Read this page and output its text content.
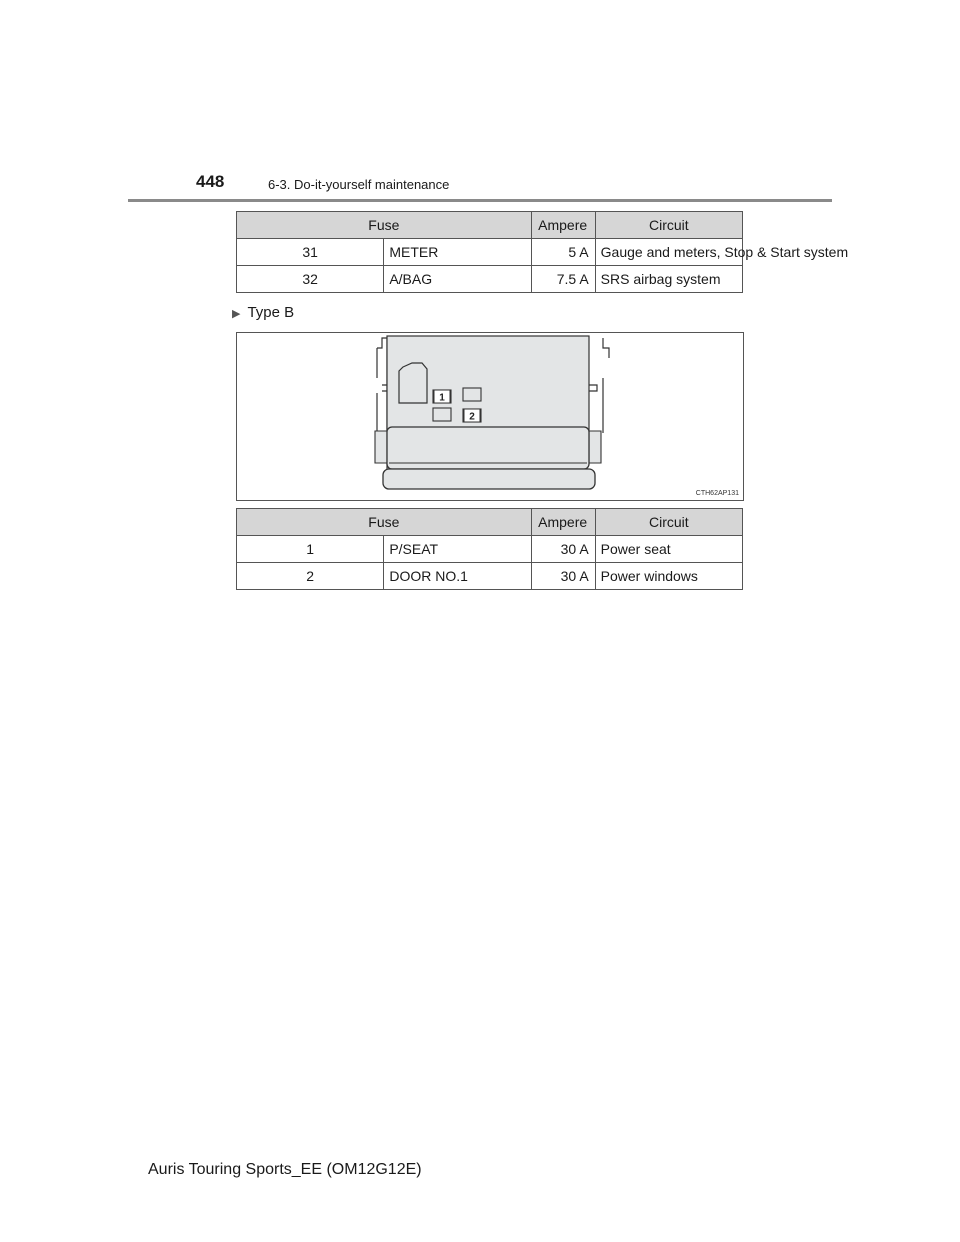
448	6-3. Do-it-yourself maintenance
Fuse		Ampere	Circuit
31	METER	5 A	Gauge and meters, Stop & Start system
32	A/BAG	7.5 A	SRS airbag system
▶ Type B
1
2
CTH62AP131
Fuse		Ampere	Circuit
1	P/SEAT	30 A	Power seat
2	DOOR NO.1	30 A	Power windows
Auris Touring Sports_EE (OM12G12E)
